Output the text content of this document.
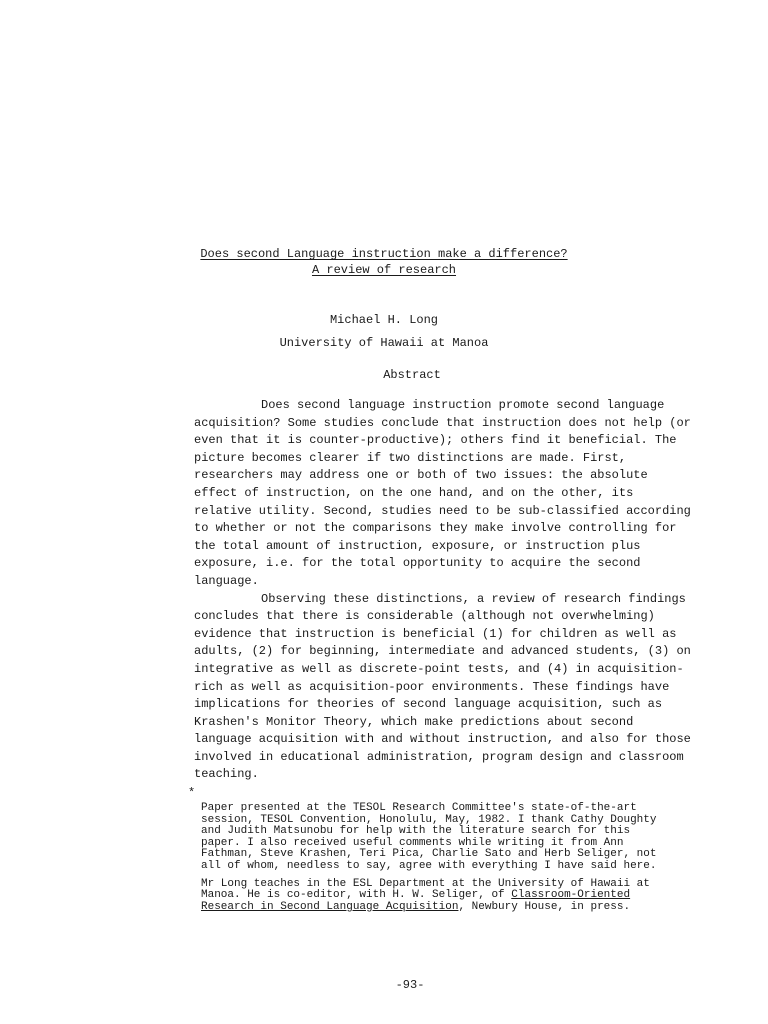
Does second Language instruction make a difference?
A review of research
Michael H. Long
University of Hawaii at Manoa
Abstract

Does second language instruction promote second language acquisition? Some studies conclude that instruction does not help (or even that it is counter-productive); others find it beneficial. The picture becomes clearer if two distinctions are made. First, researchers may address one or both of two issues: the absolute effect of instruction, on the one hand, and on the other, its relative utility. Second, studies need to be sub-classified according to whether or not the comparisons they make involve controlling for the total amount of instruction, exposure, or instruction plus exposure, i.e. for the total opportunity to acquire the second language.

Observing these distinctions, a review of research findings concludes that there is considerable (although not overwhelming) evidence that instruction is beneficial (1) for children as well as adults, (2) for beginning, intermediate and advanced students, (3) on integrative as well as discrete-point tests, and (4) in acquisition-rich as well as acquisition-poor environments. These findings have implications for theories of second language acquisition, such as Krashen's Monitor Theory, which make predictions about second language acquisition with and without instruction, and also for those involved in educational administration, program design and classroom teaching.

*

Paper presented at the TESOL Research Committee's state-of-the-art session, TESOL Convention, Honolulu, May, 1982. I thank Cathy Doughty and Judith Matsunobu for help with the literature search for this paper. I also received useful comments while writing it from Ann Fathman, Steve Krashen, Teri Pica, Charlie Sato and Herb Seliger, not all of whom, needless to say, agree with everything I have said here.

Mr Long teaches in the ESL Department at the University of Hawaii at Manoa. He is co-editor, with H. W. Seliger, of Classroom-Oriented Research in Second Language Acquisition, Newbury House, in press.

-93-
